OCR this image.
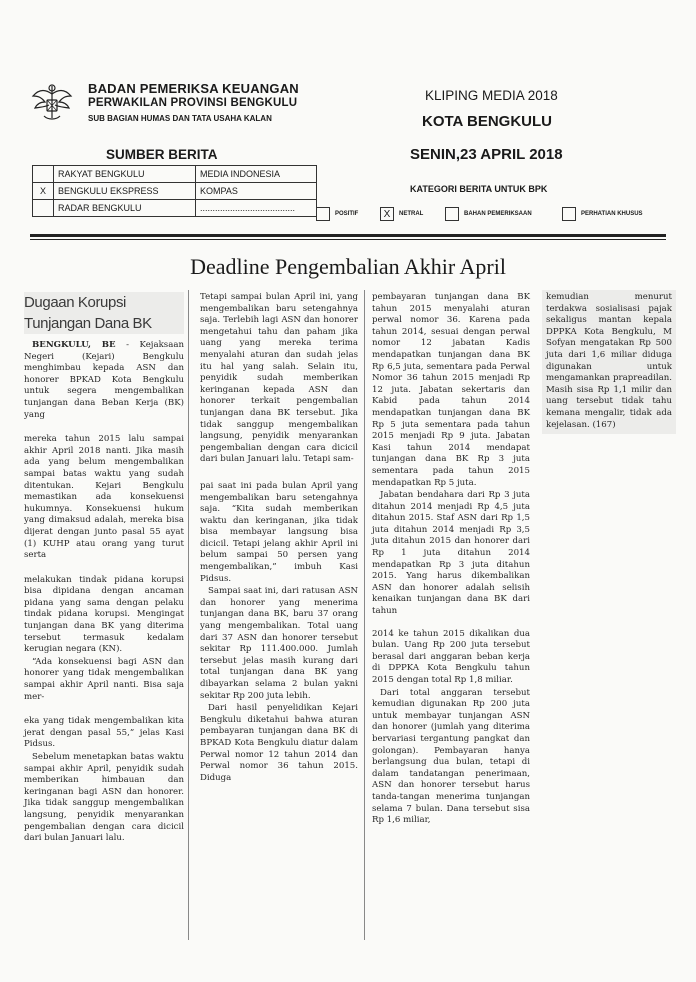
BADAN PEMERIKSA KEUANGAN
PERWAKILAN PROVINSI BENGKULU
SUB BAGIAN HUMAS DAN TATA USAHA KALAN
KLIPING MEDIA 2018
KOTA BENGKULU
SUMBER BERITA	SENIN,23 APRIL 2018
	RAKYAT BENGKULU	MEDIA INDONESIA
X	BENGKULU EKSPRESS	KOMPAS
	RADAR BENGKULU	......................................
KATEGORI BERITA UNTUK BPK
POSITIF	X	NETRAL	BAHAN PEMERIKSAAN	PERHATIAN KHUSUS
Deadline Pengembalian Akhir April
Dugaan Korupsi
Tunjangan Dana BK

BENGKULU, BE - Kejaksaan Negeri (Kejari) Bengkulu menghimbau kepada ASN dan honorer BPKAD Kota Bengkulu untuk segera mengembalikan tunjangan dana Beban Kerja (BK) yang

mereka tahun 2015 lalu sampai akhir April 2018 nanti. Jika masih ada yang belum mengembalikan sampai batas waktu yang sudah ditentukan. Kejari Bengkulu memastikan ada konsekuensi hukumnya. Konsekuensi hukum yang dimaksud adalah, mereka bisa dijerat dengan junto pasal 55 ayat (1) KUHP atau orang yang turut serta

melakukan tindak pidana korupsi bisa dipidana dengan ancaman pidana yang sama dengan pelaku tindak pidana korupsi. Mengingat tunjangan dana BK yang diterima tersebut termasuk kedalam kerugian negara (KN).

“Ada konsekuensi bagi ASN dan honorer yang tidak mengembalikan sampai akhir April nanti. Bisa saja mer-

eka yang tidak mengembalikan kita jerat dengan pasal 55,” jelas Kasi Pidsus.

Sebelum menetapkan batas waktu sampai akhir April, penyidik sudah memberikan himbauan dan keringanan bagi ASN dan honorer. Jika tidak sanggup mengembalikan langsung, penyidik menyarankan pengembalian dengan cara dicicil dari bulan Januari lalu.

Tetapi sampai bulan April ini, yang mengembalikan baru setengahnya saja. Terlebih lagi ASN dan honorer mengetahui tahu dan paham jika uang yang mereka terima menyalahi aturan dan sudah jelas itu hal yang salah. Selain itu, penyidik sudah memberikan keringanan kepada ASN dan honorer terkait pengembalian tunjangan dana BK tersebut. Jika tidak sanggup mengembalikan langsung, penyidik menyarankan pengembalian dengan cara dicicil dari bulan Januari lalu. Tetapi sam-

pai saat ini pada bulan April yang mengembalikan baru setengahnya saja. “Kita sudah memberikan waktu dan keringanan, jika tidak bisa membayar langsung bisa dicicil. Tetapi jelang akhir April ini belum sampai 50 persen yang mengembalikan,” imbuh Kasi Pidsus.

Sampai saat ini, dari ratusan ASN dan honorer yang menerima tunjangan dana BK, baru 37 orang yang mengembalikan. Total uang dari 37 ASN dan honorer tersebut sekitar Rp 111.400.000. Jumlah tersebut jelas masih kurang dari total tunjangan dana BK yang dibayarkan selama 2 bulan yakni sekitar Rp 200 juta lebih.

Dari hasil penyelidikan Kejari Bengkulu diketahui bahwa aturan pembayaran tunjangan dana BK di BPKAD Kota Bengkulu diatur dalam Perwal nomor 12 tahun 2014 dan Perwal nomor 36 tahun 2015. Diduga

pembayaran tunjangan dana BK tahun 2015 menyalahi aturan perwal nomor 36. Karena pada tahun 2014, sesuai dengan perwal nomor 12 jabatan Kadis mendapatkan tunjangan dana BK Rp 6,5 juta, sementara pada Perwal Nomor 36 tahun 2015 menjadi Rp 12 juta. Jabatan sekertaris dan Kabid pada tahun 2014 mendapatkan tunjangan dana BK Rp 5 juta sementara pada tahun 2015 menjadi Rp 9 juta. Jabatan Kasi tahun 2014 mendapat tunjangan dana BK Rp 3 juta sementara pada tahun 2015 mendapatkan Rp 5 juta.

Jabatan bendahara dari Rp 3 juta ditahun 2014 menjadi Rp 4,5 juta ditahun 2015. Staf ASN dari Rp 1,5 juta ditahun 2014 menjadi Rp 3,5 juta ditahun 2015 dan honorer dari Rp 1 juta ditahun 2014 mendapatkan Rp 3 juta ditahun 2015. Yang harus dikembalikan ASN dan honorer adalah selisih kenaikan tunjangan dana BK dari tahun

2014 ke tahun 2015 dikalikan dua bulan. Uang Rp 200 juta tersebut berasal dari anggaran beban kerja di DPPKA Kota Bengkulu tahun 2015 dengan total Rp 1,8 miliar.

Dari total anggaran tersebut kemudian digunakan Rp 200 juta untuk membayar tunjangan ASN dan honorer (jumlah yang diterima bervariasi tergantung pangkat dan golongan). Pembayaran hanya berlangsung dua bulan, tetapi di dalam tandatangan penerimaan, ASN dan honorer tersebut harus tanda-tangan menerima tunjangan selama 7 bulan. Dana tersebut sisa Rp 1,6 miliar,

kemudian menurut terdakwa sosialisasi pajak sekaligus mantan kepala DPPKA Kota Bengkulu, M Sofyan mengatakan Rp 500 juta dari 1,6 miliar diduga digunakan untuk mengamankan prapreadilan. Masih sisa Rp 1,1 milir dan uang tersebut tidak tahu kemana mengalir, tidak ada kejelasan. (167)
